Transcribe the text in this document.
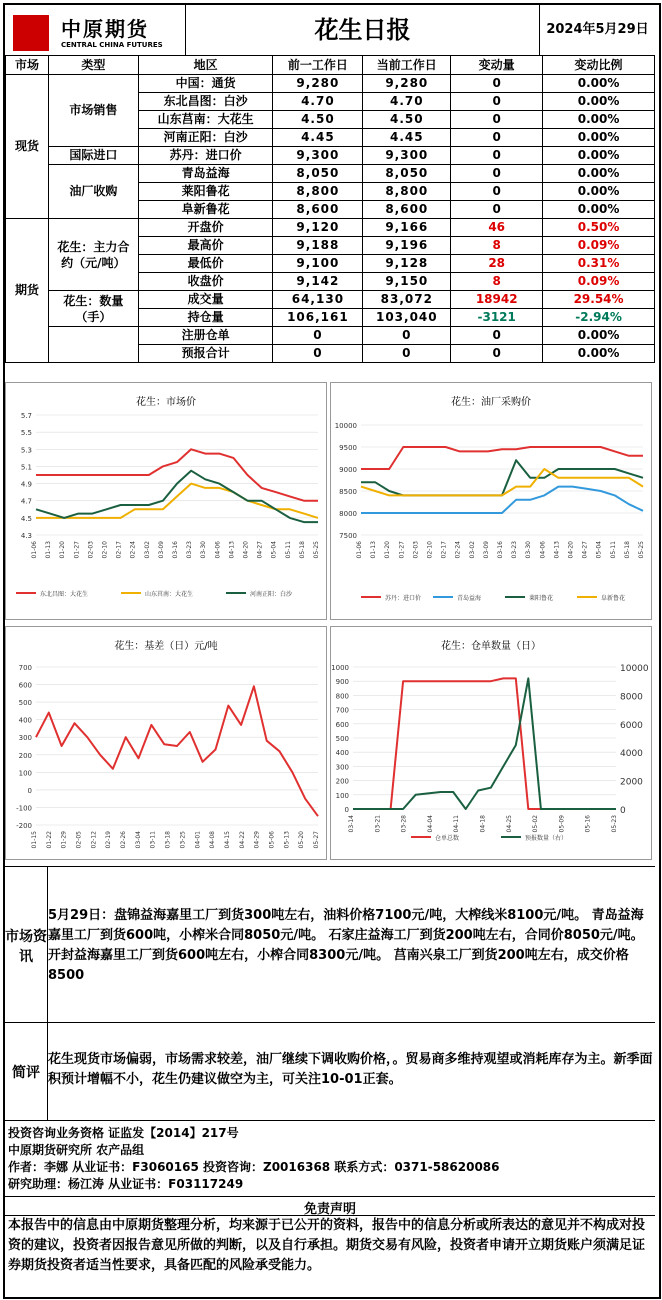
中原期货
CENTRAL CHINA FUTURES
花生日报	2024年5月29日
市场	类型	地区	前一工作日	当前工作日	变动量	变动比例
现货	市场销售	中国：通货	9,280	9,280	0	0.00%
		东北昌图：白沙	4.70	4.70	0	0.00%
		山东莒南：大花生	4.50	4.50	0	0.00%
		河南正阳：白沙	4.45	4.45	0	0.00%
	国际进口	苏丹：进口价	9,300	9,300	0	0.00%
	油厂收购	青岛益海	8,050	8,050	0	0.00%
		莱阳鲁花	8,800	8,800	0	0.00%
		阜新鲁花	8,600	8,600	0	0.00%
期货	花生：主力合约（元/吨）	开盘价	9,120	9,166	46	0.50%
		最高价	9,188	9,196	8	0.09%
		最低价	9,100	9,128	28	0.31%
		收盘价	9,142	9,150	8	0.09%
	花生：数量（手）	成交量	64,130	83,072	18942	29.54%
		持仓量	106,161	103,040	-3121	-2.94%
		注册仓单	0	0	0	0.00%
		预报合计	0	0	0	0.00%
花生：市场价
4.3
4.5
4.7
4.9
5.1
5.3
5.5
5.7
01-06 01-13 01-20 01-27 02-03 02-10 02-17 02-24 03-02 03-09 03-16 03-23 03-30 04-06 04-13 04-20 04-27 05-04 05-11 05-18 05-25
东北昌图：大花生	山东莒南：大花生	河南正阳：白沙
花生：油厂采购价
7500
8000
8500
9000
9500
10000
01-06 01-13 01-20 01-27 02-03 02-10 02-17 02-24 03-02 03-09 03-16 03-23 03-30 04-06 04-13 04-20 04-27 05-04 05-11 05-18 05-25
苏丹：进口价	青岛益海	莱阳鲁花	阜新鲁花
花生：基差（日）元/吨
-200
-100
0
100
200
300
400
500
600
700
01-15 01-22 01-29 02-05 02-12 02-19 02-26 03-04 03-11 03-18 03-25 04-01 04-08 04-15 04-22 04-29 05-06 05-13 05-20 05-27
花生：仓单数量（日）
0
100
200
300
400
500
600
700
800
900
1000
0
2000
4000
6000
8000
10000
03-14	03-21	03-28	04-04	04-11	04-18	04-25	05-02	05-09	05-16	05-23
仓单总数	预报数量（右）
市场资讯
5月29日：盘锦益海嘉里工厂到货300吨左右，油料价格7100元/吨，大榨线米8100元/吨。 青岛益海嘉里工厂到货600吨，小榨米合同8050元/吨。 石家庄益海工厂到货200吨左右，合同价8050元/吨。 开封益海嘉里工厂到货600吨左右，小榨合同8300元/吨。 莒南兴泉工厂到货200吨左右，成交价格8500
简评
花生现货市场偏弱，市场需求较差，油厂继续下调收购价格，。贸易商多维持观望或消耗库存为主。新季面积预计增幅不小，花生仍建议做空为主，可关注10-01正套。
投资咨询业务资格 证监发【2014】217号
中原期货研究所 农产品组
作者：李娜 从业证书：F3060165 投资咨询：Z0016368 联系方式：0371-58620086
研究助理：杨江涛 从业证书：F03117249
免责声明
本报告中的信息由中原期货整理分析，均来源于已公开的资料，报告中的信息分析或所表达的意见并不构成对投资的建议，投资者因报告意见所做的判断，以及自行承担。期货交易有风险，投资者申请开立期货账户须满足证券期货投资者适当性要求，具备匹配的风险承受能力。
